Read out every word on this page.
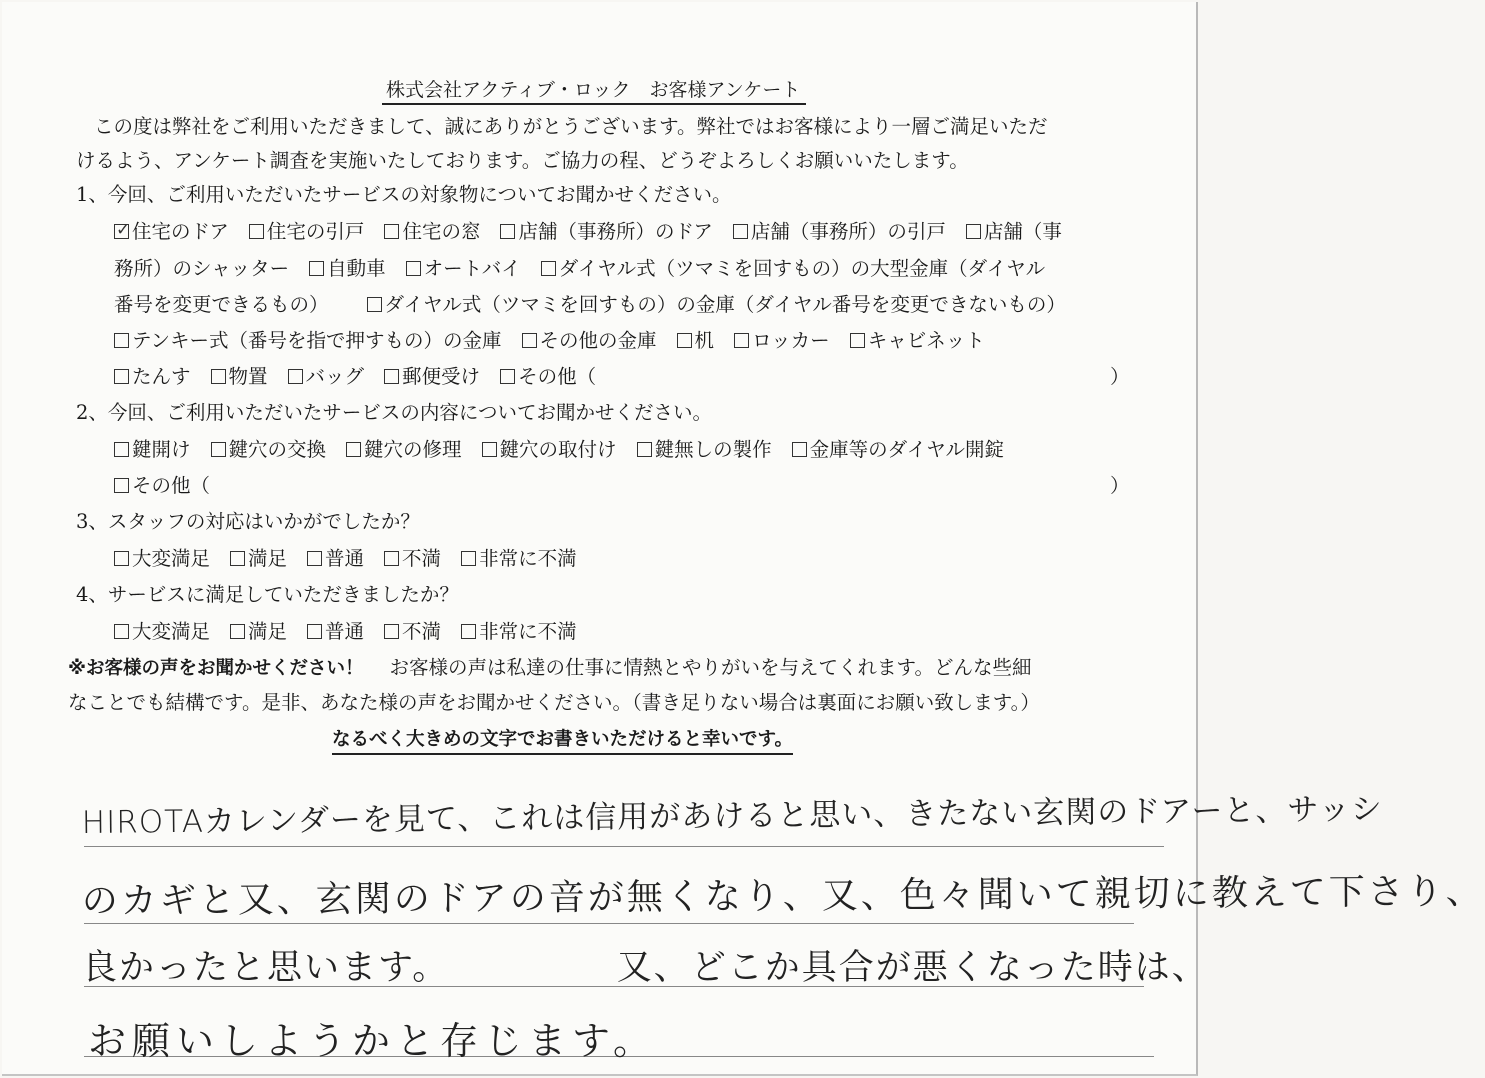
株式会社アクティブ・ロック　お客様アンケート
この度は弊社をご利用いただきまして、誠にありがとうございます。弊社ではお客様により一層ご満足いただ
けるよう、アンケート調査を実施いたしております。ご協力の程、どうぞよろしくお願いいたします。
1、今回、ご利用いただいたサービスの対象物についてお聞かせください。
✓ 住宅のドア 住宅の引戸 住宅の窓 店舗（事務所）のドア 店舗（事務所）の引戸 店舗（事
務所）のシャッター 自動車 オートバイ ダイヤル式（ツマミを回すもの）の大型金庫（ダイヤル
番号を変更できるもの）	ダイヤル式（ツマミを回すもの）の金庫（ダイヤル番号を変更できないもの）
テンキー式（番号を指で押すもの）の金庫 その他の金庫 机 ロッカー キャビネット
たんす 物置 バッグ 郵便受け その他（	）
2、今回、ご利用いただいたサービスの内容についてお聞かせください。
鍵開け 鍵穴の交換 鍵穴の修理 鍵穴の取付け 鍵無しの製作 金庫等のダイヤル開錠
その他（	）
3、スタッフの対応はいかがでしたか？
大変満足 満足 普通 不満 非常に不満
4、サービスに満足していただきましたか？
大変満足 満足 普通 不満 非常に不満
※お客様の声をお聞かせください！ お客様の声は私達の仕事に情熱とやりがいを与えてくれます。どんな些細
なことでも結構です。是非、あなた様の声をお聞かせください。（書き足りない場合は裏面にお願い致します。）
なるべく大きめの文字でお書きいただけると幸いです。
HIROTAカレンダーを見て、これは信用があけると思い、きたない玄関のドアーと、サッシ
のカギと又、玄関のドアの音が無くなり、又、色々聞いて親切に教えて下さり、
良かったと思います。　　　　　又、どこか具合が悪くなった時は、
お願いしようかと存じます。
